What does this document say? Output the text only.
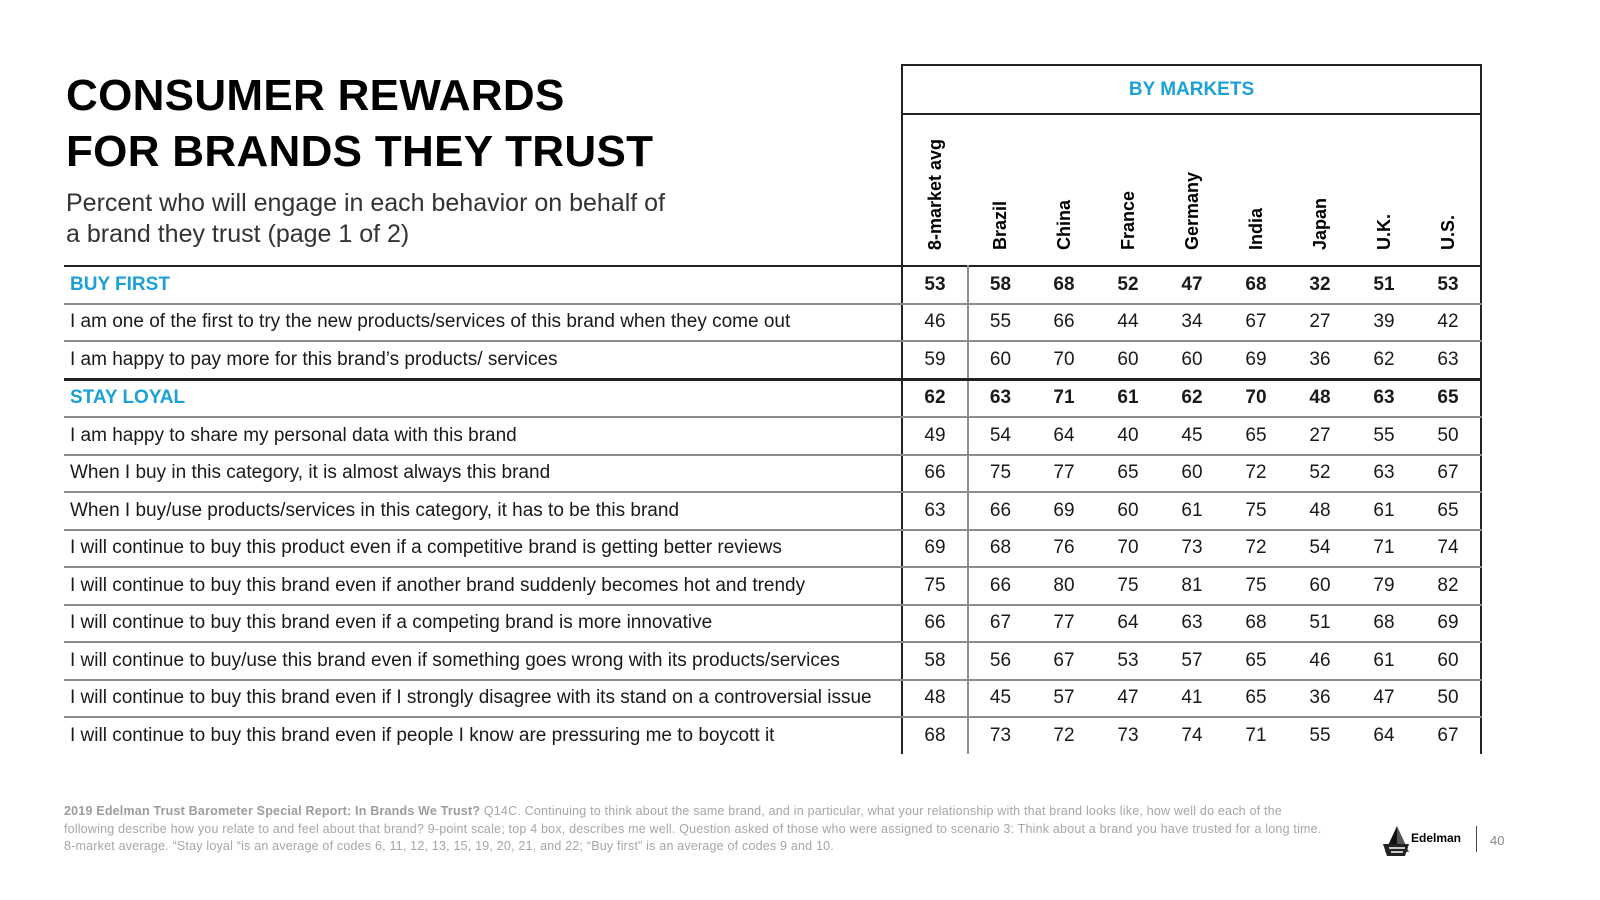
CONSUMER REWARDS
FOR BRANDS THEY TRUST

Percent who will engage in each behavior on behalf of
a brand they trust (page 1 of 2)

	BY MARKETS								
	8-market avg	Brazil	China	France	Germany	India	Japan	U.K.	U.S.
BUY FIRST	53	58	68	52	47	68	32	51	53
I am one of the first to try the new products/services of this brand when they come out	46	55	66	44	34	67	27	39	42
I am happy to pay more for this brand’s products/ services	59	60	70	60	60	69	36	62	63
STAY LOYAL	62	63	71	61	62	70	48	63	65
I am happy to share my personal data with this brand	49	54	64	40	45	65	27	55	50
When I buy in this category, it is almost always this brand	66	75	77	65	60	72	52	63	67
When I buy/use products/services in this category, it has to be this brand	63	66	69	60	61	75	48	61	65
I will continue to buy this product even if a competitive brand is getting better reviews	69	68	76	70	73	72	54	71	74
I will continue to buy this brand even if another brand suddenly becomes hot and trendy	75	66	80	75	81	75	60	79	82
I will continue to buy this brand even if a competing brand is more innovative	66	67	77	64	63	68	51	68	69
I will continue to buy/use this brand even if something goes wrong with its products/services	58	56	67	53	57	65	46	61	60
I will continue to buy this brand even if I strongly disagree with its stand on a controversial issue	48	45	57	47	41	65	36	47	50
I will continue to buy this brand even if people I know are pressuring me to boycott it	68	73	72	73	74	71	55	64	67
2019 Edelman Trust Barometer Special Report: In Brands We Trust? Q14C. Continuing to think about the same brand, and in particular, what your relationship with that brand looks like, how well do each of the following describe how you relate to and feel about that brand? 9-point scale; top 4 box, describes me well. Question asked of those who were assigned to scenario 3: Think about a brand you have trusted for a long time. 8-market average. “Stay loyal “is an average of codes 6, 11, 12, 13, 15, 19, 20, 21, and 22; “Buy first” is an average of codes 9 and 10.
Edelman 40
